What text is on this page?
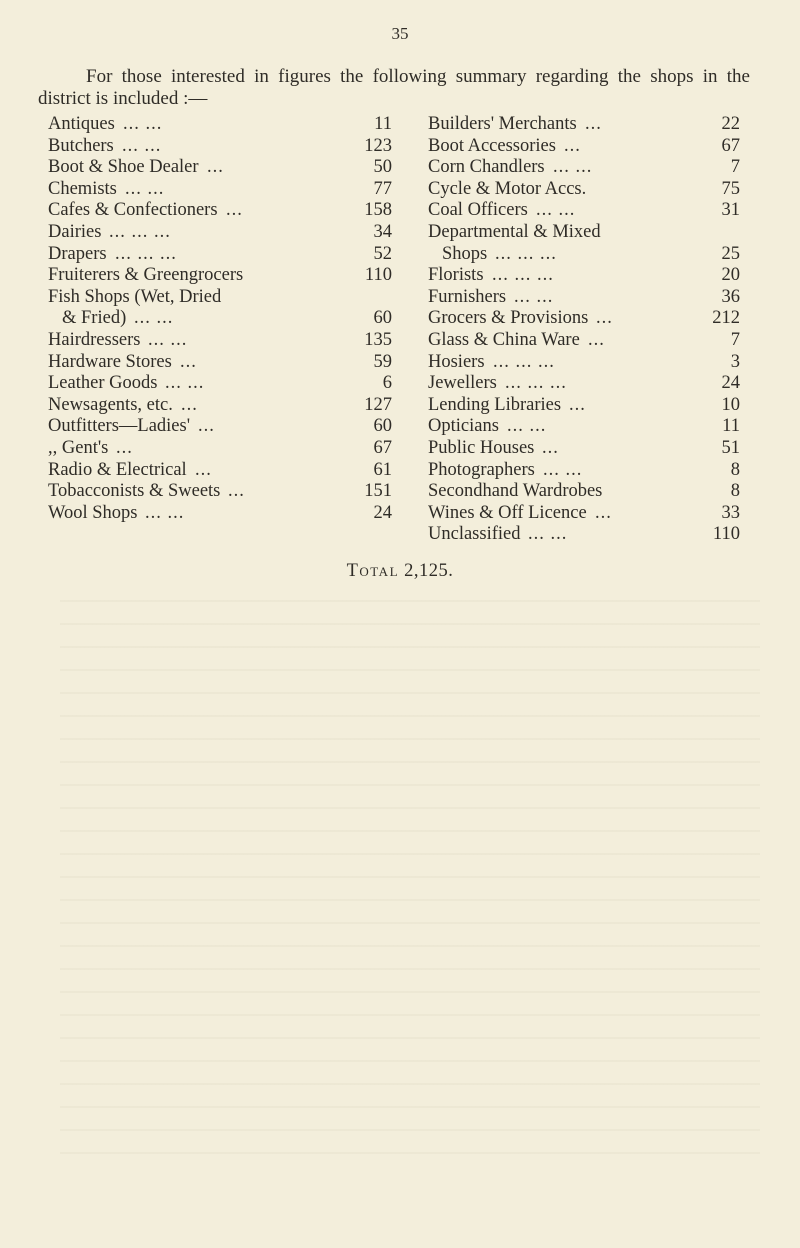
35
For those interested in figures the following summary regarding the shops in the district is included :—
Antiques ... ...	11
Butchers ... ...	123
Boot & Shoe Dealer ...	50
Chemists ... ...	77
Cafes & Confectioners ...	158
Dairies ... ... ...	34
Drapers ... ... ...	52
Fruiterers & Greengrocers	110
Fish Shops (Wet, Dried
& Fried) ... ...	60
Hairdressers ... ...	135
Hardware Stores ...	59
Leather Goods ... ...	6
Newsagents, etc. ...	127
Outfitters—Ladies' ...	60
,, Gent's ...	67
Radio & Electrical ...	61
Tobacconists & Sweets ...	151
Wool Shops ... ...	24
Builders' Merchants ...	22
Boot Accessories ...	67
Corn Chandlers ... ...	7
Cycle & Motor Accs.	75
Coal Officers ... ...	31
Departmental & Mixed
Shops ... ... ...	25
Florists ... ... ...	20
Furnishers ... ...	36
Grocers & Provisions ...	212
Glass & China Ware ...	7
Hosiers ... ... ...	3
Jewellers ... ... ...	24
Lending Libraries ...	10
Opticians ... ...	11
Public Houses ...	51
Photographers ... ...	8
Secondhand Wardrobes	8
Wines & Off Licence ...	33
Unclassified ... ...	110
Total 2,125.
